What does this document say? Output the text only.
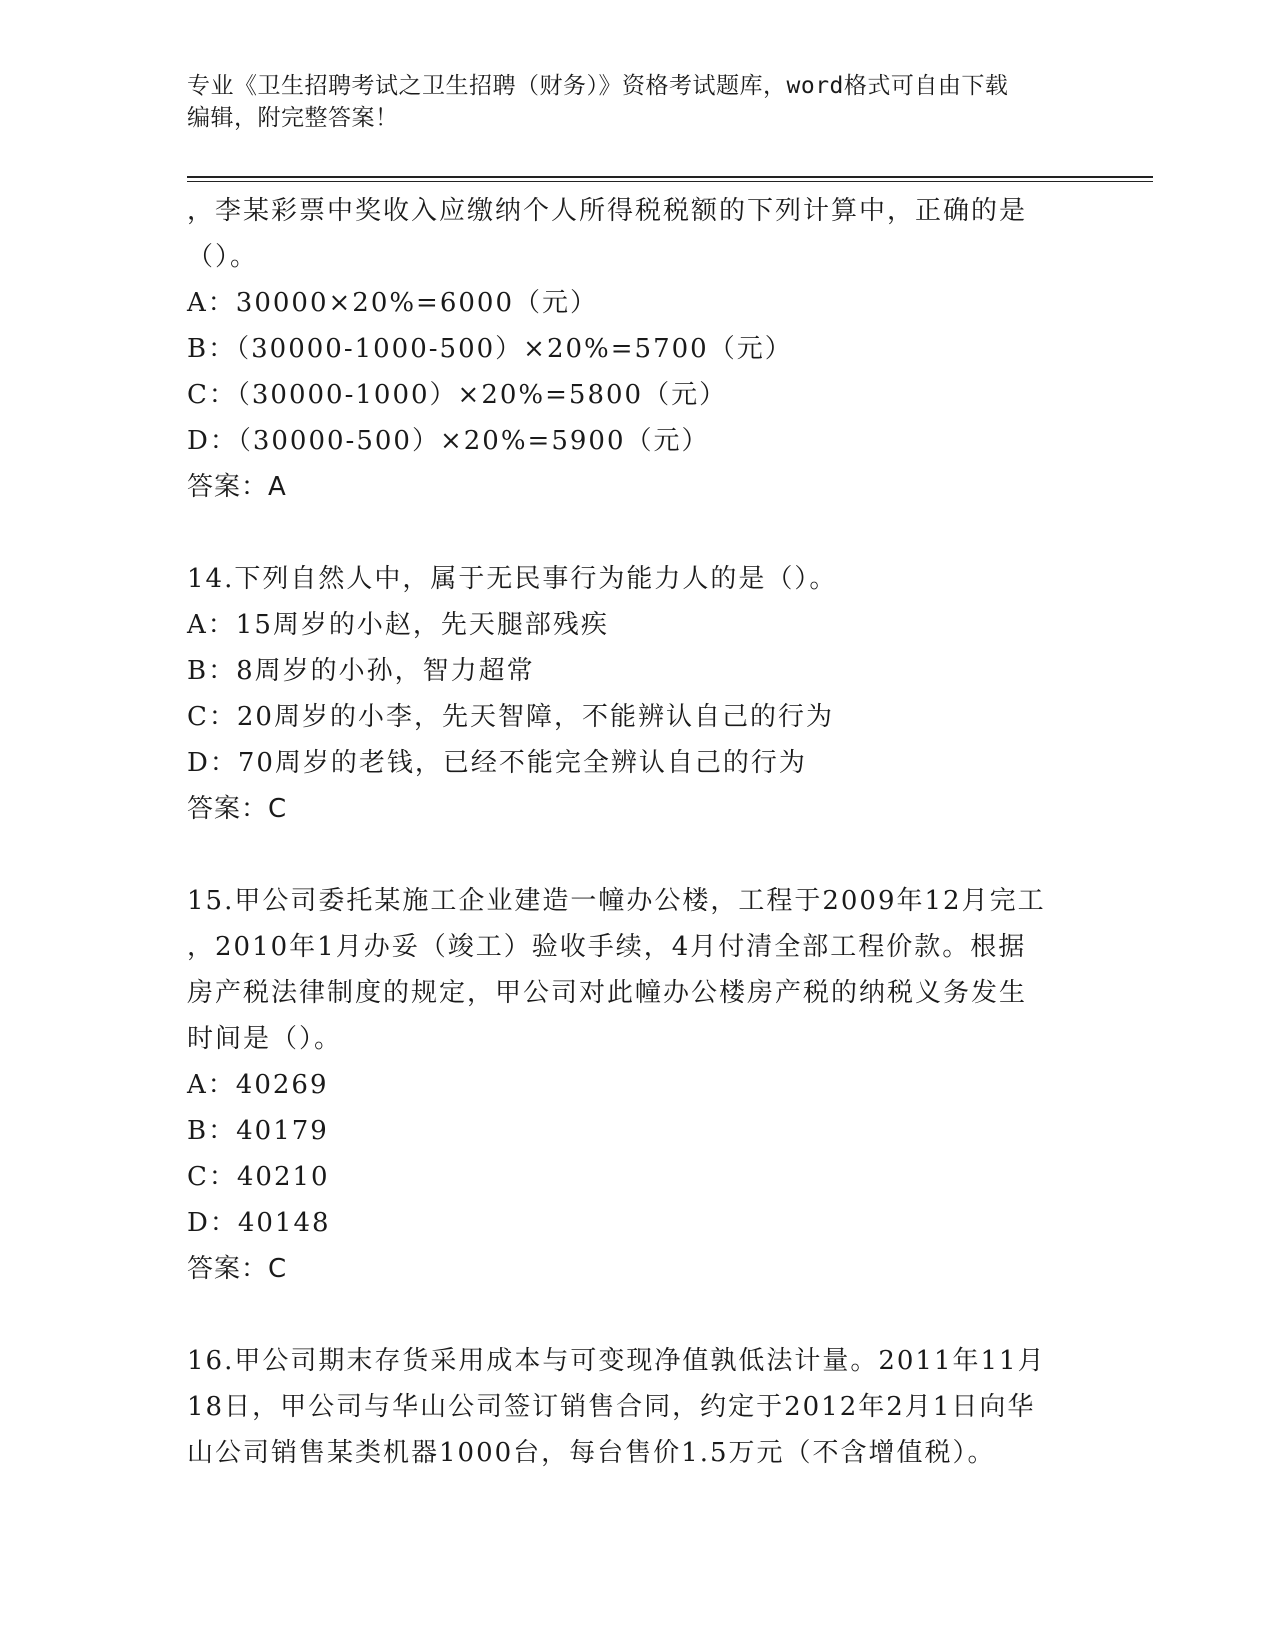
专业《卫生招聘考试之卫生招聘（财务）》资格考试题库，word格式可自由下载
编辑，附完整答案！
，李某彩票中奖收入应缴纳个人所得税税额的下列计算中，正确的是
（）。
A：30000×20%=6000（元）
B：（30000-1000-500）×20%=5700（元）
C：（30000-1000）×20%=5800（元）
D：（30000-500）×20%=5900（元）
答案：A
14.下列自然人中，属于无民事行为能力人的是（）。
A：15周岁的小赵，先天腿部残疾
B：8周岁的小孙，智力超常
C：20周岁的小李，先天智障，不能辨认自己的行为
D：70周岁的老钱，已经不能完全辨认自己的行为
答案：C
15.甲公司委托某施工企业建造一幢办公楼，工程于2009年12月完工
，2010年1月办妥（竣工）验收手续，4月付清全部工程价款。根据
房产税法律制度的规定，甲公司对此幢办公楼房产税的纳税义务发生
时间是（）。
A：40269
B：40179
C：40210
D：40148
答案：C
16.甲公司期末存货采用成本与可变现净值孰低法计量。2011年11月
18日，甲公司与华山公司签订销售合同，约定于2012年2月1日向华
山公司销售某类机器1000台，每台售价1.5万元（不含增值税）。
